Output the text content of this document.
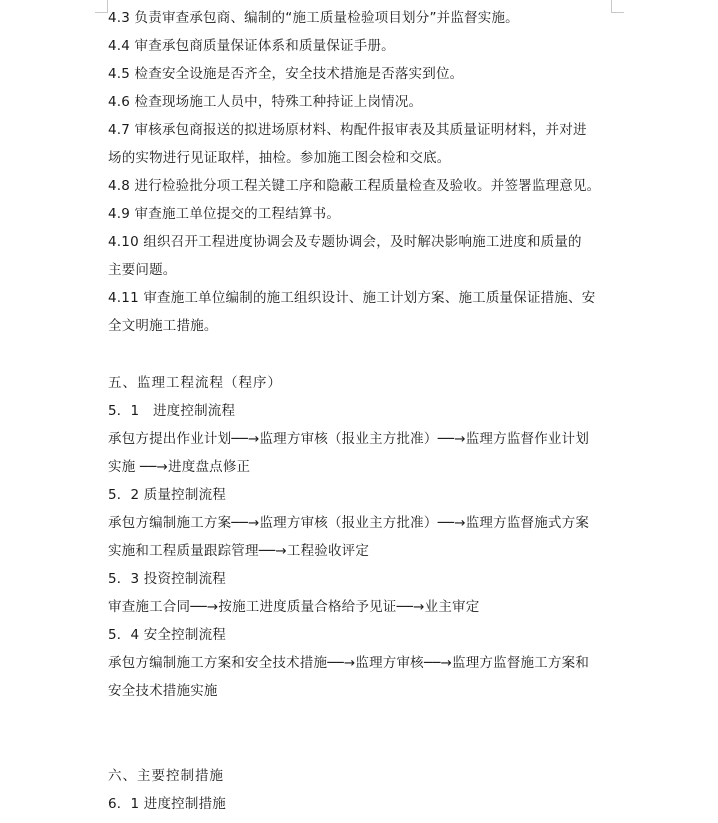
4.3 负责审查承包商、编制的“施工质量检验项目划分”并监督实施。
4.4 审查承包商质量保证体系和质量保证手册。
4.5 检查安全设施是否齐全，安全技术措施是否落实到位。
4.6 检查现场施工人员中，特殊工种持证上岗情况。
4.7 审核承包商报送的拟进场原材料、构配件报审表及其质量证明材料，并对进
场的实物进行见证取样，抽检。参加施工图会检和交底。
4.8 进行检验批分项工程关键工序和隐蔽工程质量检查及验收。并签署监理意见。
4.9 审查施工单位提交的工程结算书。
4.10 组织召开工程进度协调会及专题协调会，及时解决影响施工进度和质量的
主要问题。
4.11 审查施工单位编制的施工组织设计、施工计划方案、施工质量保证措施、安
全文明施工措施。
五、监理工程流程（程序）
5．1　进度控制流程
承包方提出作业计划──→监理方审核（报业主方批准）──→监理方监督作业计划
实施 ──→进度盘点修正
5．2 质量控制流程
承包方编制施工方案──→监理方审核（报业主方批准）──→监理方监督施式方案
实施和工程质量跟踪管理──→工程验收评定
5．3 投资控制流程
审查施工合同──→按施工进度质量合格给予见证──→业主审定
5．4 安全控制流程
承包方编制施工方案和安全技术措施──→监理方审核──→监理方监督施工方案和
安全技术措施实施
六、主要控制措施
6．1 进度控制措施
